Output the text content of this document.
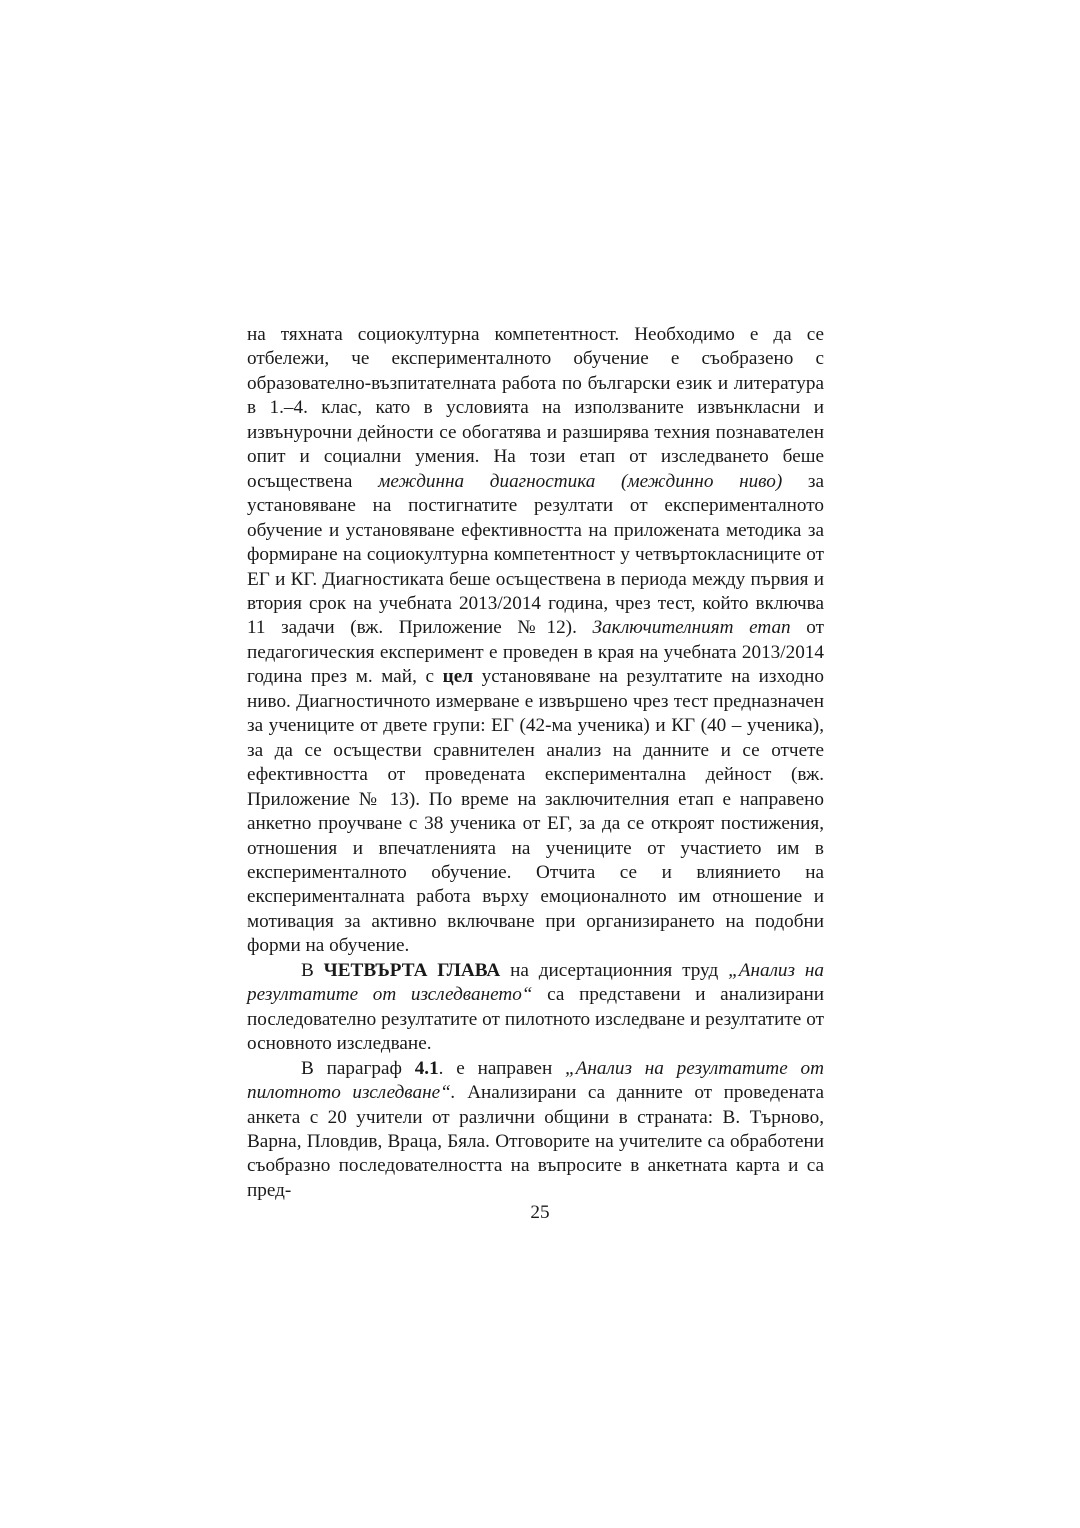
на тяхната социокултурна компетентност. Необходимо е да се отбележи, че експерименталното обучение е съобразено с образователно-възпитателната работа по български език и литература в 1.–4. клас, като в условията на използваните извънкласни и извънурочни дейности се обогатява и разширява техния познавателен опит и социални умения. На този етап от изследването беше осъществена междинна диагностика (междинно ниво) за установяване на постигнатите резултати от експерименталното обучение и установяване ефективността на приложената методика за формиране на социокултурна компетентност у четвъртокласниците от ЕГ и КГ. Диагностиката беше осъществена в периода между първия и втория срок на учебната 2013/2014 година, чрез тест, който включва 11 задачи (вж. Приложение №12). Заключителният етап от педагогическия експеримент е проведен в края на учебната 2013/2014 година през м. май, с цел установяване на резултатите на изходно ниво. Диагностичното измерване е извършено чрез тест предназначен за учениците от двете групи: ЕГ (42-ма ученика) и КГ (40 – ученика), за да се осъществи сравнителен анализ на данните и се отчете ефективността от проведената експериментална дейност (вж. Приложение № 13). По време на заключителния етап е направено анкетно проучване с 38 ученика от ЕГ, за да се откроят постижения, отношения и впечатленията на учениците от участието им в експерименталното обучение. Отчита се и влиянието на експерименталната работа върху емоционалното им отношение и мотивация за активно включване при организирането на подобни форми на обучение.

В ЧЕТВЪРТА ГЛАВА на дисертационния труд „Анализ на резултатите от изследването“ са представени и анализирани последователно резултатите от пилотното изследване и резултатите от основното изследване.

В параграф 4.1. е направен „Анализ на резултатите от пилотното изследване“. Анализирани са данните от проведената анкета с 20 учители от различни общини в страната: В. Търново, Варна, Пловдив, Враца, Бяла. Отговорите на учителите са обработени съобразно последователността на въпросите в анкетната карта и са пред-

25
